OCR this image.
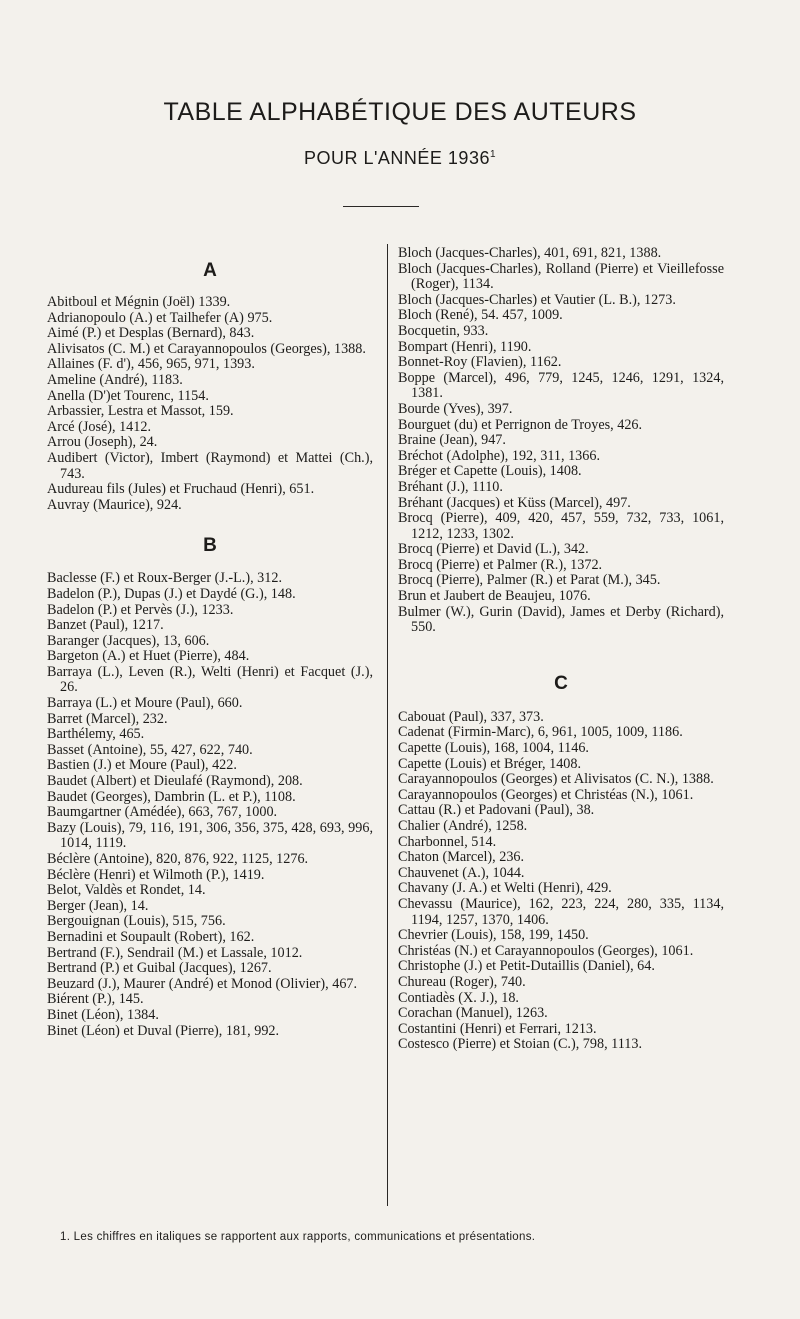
TABLE ALPHABÉTIQUE DES AUTEURS
POUR L'ANNÉE 1936$^1$
A
Abitboul et Mégnin (Joël) 1339.
Adrianopoulo (A.) et Tailhefer (A) 975.
Aimé (P.) et Desplas (Bernard), 843.
Alivisatos (C. M.) et Carayannopoulos (Georges), 1388.
Allaines (F. d'), 456, 965, 971, 1393.
Ameline (André), 1183.
Anella (D')et Tourenc, 1154.
Arbassier, Lestra et Massot, 159.
Arcé (José), 1412.
Arrou (Joseph), 24.
Audibert (Victor), Imbert (Raymond) et Mattei (Ch.), 743.
Audureau fils (Jules) et Fruchaud (Henri), 651.
Auvray (Maurice), 924.
B
Baclesse (F.) et Roux-Berger (J.-L.), 312.
Badelon (P.), Dupas (J.) et Daydé (G.), 148.
Badelon (P.) et Pervès (J.), 1233.
Banzet (Paul), 1217.
Baranger (Jacques), 13, 606.
Bargeton (A.) et Huet (Pierre), 484.
Barraya (L.), Leven (R.), Welti (Henri) et Facquet (J.), 26.
Barraya (L.) et Moure (Paul), 660.
Barret (Marcel), 232.
Barthélemy, 465.
Basset (Antoine), 55, 427, 622, 740.
Bastien (J.) et Moure (Paul), 422.
Baudet (Albert) et Dieulafé (Raymond), 208.
Baudet (Georges), Dambrin (L. et P.), 1108.
Baumgartner (Amédée), 663, 767, 1000.
Bazy (Louis), 79, 116, 191, 306, 356, 375, 428, 693, 996, 1014, 1119.
Béclère (Antoine), 820, 876, 922, 1125, 1276.
Béclère (Henri) et Wilmoth (P.), 1419.
Belot, Valdès et Rondet, 14.
Berger (Jean), 14.
Bergouignan (Louis), 515, 756.
Bernadini et Soupault (Robert), 162.
Bertrand (F.), Sendrail (M.) et Lassale, 1012.
Bertrand (P.) et Guibal (Jacques), 1267.
Beuzard (J.), Maurer (André) et Monod (Olivier), 467.
Biérent (P.), 145.
Binet (Léon), 1384.
Binet (Léon) et Duval (Pierre), 181, 992.
Bloch (Jacques-Charles), 401, 691, 821, 1388.
Bloch (Jacques-Charles), Rolland (Pierre) et Vieillefosse (Roger), 1134.
Bloch (Jacques-Charles) et Vautier (L. B.), 1273.
Bloch (René), 54. 457, 1009.
Bocquetin, 933.
Bompart (Henri), 1190.
Bonnet-Roy (Flavien), 1162.
Boppe (Marcel), 496, 779, 1245, 1246, 1291, 1324, 1381.
Bourde (Yves), 397.
Bourguet (du) et Perrignon de Troyes, 426.
Braine (Jean), 947.
Bréchot (Adolphe), 192, 311, 1366.
Bréger et Capette (Louis), 1408.
Bréhant (J.), 1110.
Bréhant (Jacques) et Küss (Marcel), 497.
Brocq (Pierre), 409, 420, 457, 559, 732, 733, 1061, 1212, 1233, 1302.
Brocq (Pierre) et David (L.), 342.
Brocq (Pierre) et Palmer (R.), 1372.
Brocq (Pierre), Palmer (R.) et Parat (M.), 345.
Brun et Jaubert de Beaujeu, 1076.
Bulmer (W.), Gurin (David), James et Derby (Richard), 550.
C
Cabouat (Paul), 337, 373.
Cadenat (Firmin-Marc), 6, 961, 1005, 1009, 1186.
Capette (Louis), 168, 1004, 1146.
Capette (Louis) et Bréger, 1408.
Carayannopoulos (Georges) et Alivisatos (C. N.), 1388.
Carayannopoulos (Georges) et Christéas (N.), 1061.
Cattau (R.) et Padovani (Paul), 38.
Chalier (André), 1258.
Charbonnel, 514.
Chaton (Marcel), 236.
Chauvenet (A.), 1044.
Chavany (J. A.) et Welti (Henri), 429.
Chevassu (Maurice), 162, 223, 224, 280, 335, 1134, 1194, 1257, 1370, 1406.
Chevrier (Louis), 158, 199, 1450.
Christéas (N.) et Carayannopoulos (Georges), 1061.
Christophe (J.) et Petit-Dutaillis (Daniel), 64.
Chureau (Roger), 740.
Contiadès (X. J.), 18.
Corachan (Manuel), 1263.
Costantini (Henri) et Ferrari, 1213.
Costesco (Pierre) et Stoian (C.), 798, 1113.
1. Les chiffres en italiques se rapportent aux rapports, communications et présentations.
